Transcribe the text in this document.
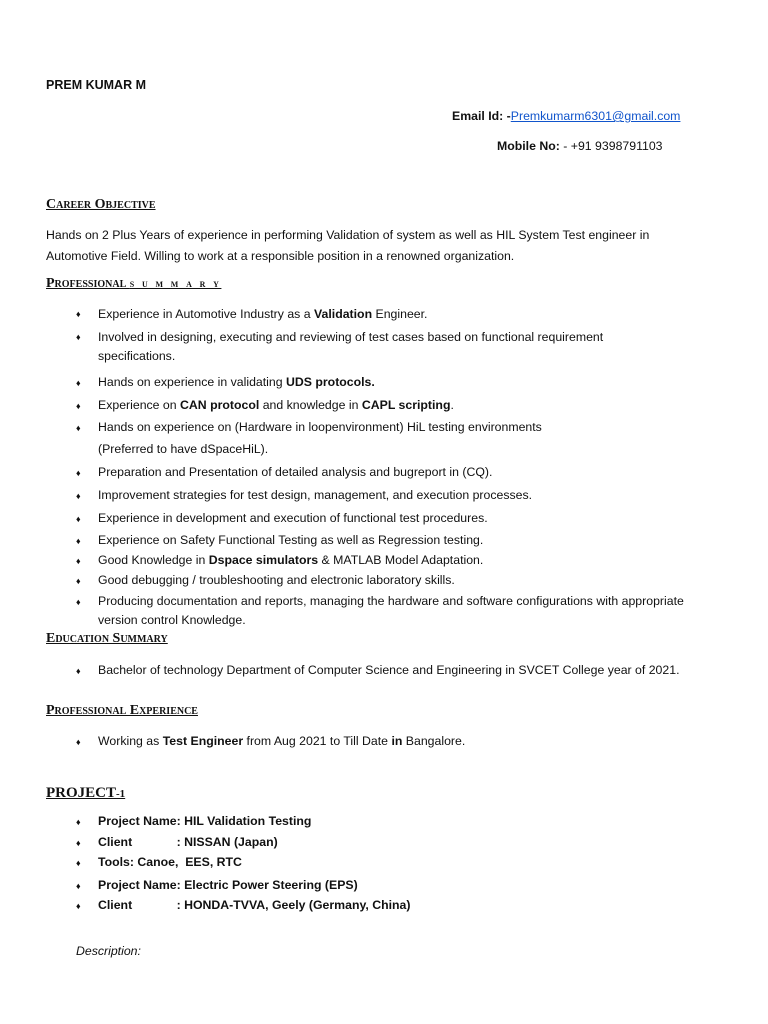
PREM KUMAR M
Email Id: -Premkumarm6301@gmail.com
Mobile No: - +91 9398791103
Career Objective
Hands on 2 Plus Years of experience in performing Validation of system as well as HIL System Test engineer in
Automotive Field. Willing to work at a responsible position in a renowned organization.
Professional s u m m a r y
♦ Experience in Automotive Industry as a Validation Engineer.
♦ Involved in designing, executing and reviewing of test cases based on functional requirement
specifications.
♦ Hands on experience in validating UDS protocols.
♦ Experience on CAN protocol and knowledge in CAPL scripting.
♦ Hands on experience on (Hardware in loopenvironment) HiL testing environments
(Preferred to have dSpaceHiL).
♦ Preparation and Presentation of detailed analysis and bugreport in (CQ).
♦ Improvement strategies for test design, management, and execution processes.
♦ Experience in development and execution of functional test procedures.
♦ Experience on Safety Functional Testing as well as Regression testing.
♦ Good Knowledge in Dspace simulators & MATLAB Model Adaptation.
♦ Good debugging / troubleshooting and electronic laboratory skills.
♦ Producing documentation and reports, managing the hardware and software configurations with appropriate
version control Knowledge.
Education Summary
♦ Bachelor of technology Department of Computer Science and Engineering in SVCET College year of 2021.
Professional Experience
♦ Working as Test Engineer from Aug 2021 to Till Date in Bangalore.
PROJECT-1
♦ Project Name: HIL Validation Testing
♦ Client             : NISSAN (Japan)
♦ Tools: Canoe,  EES, RTC
♦ Project Name: Electric Power Steering (EPS)
♦ Client             : HONDA-TVVA, Geely (Germany, China)
Description:
